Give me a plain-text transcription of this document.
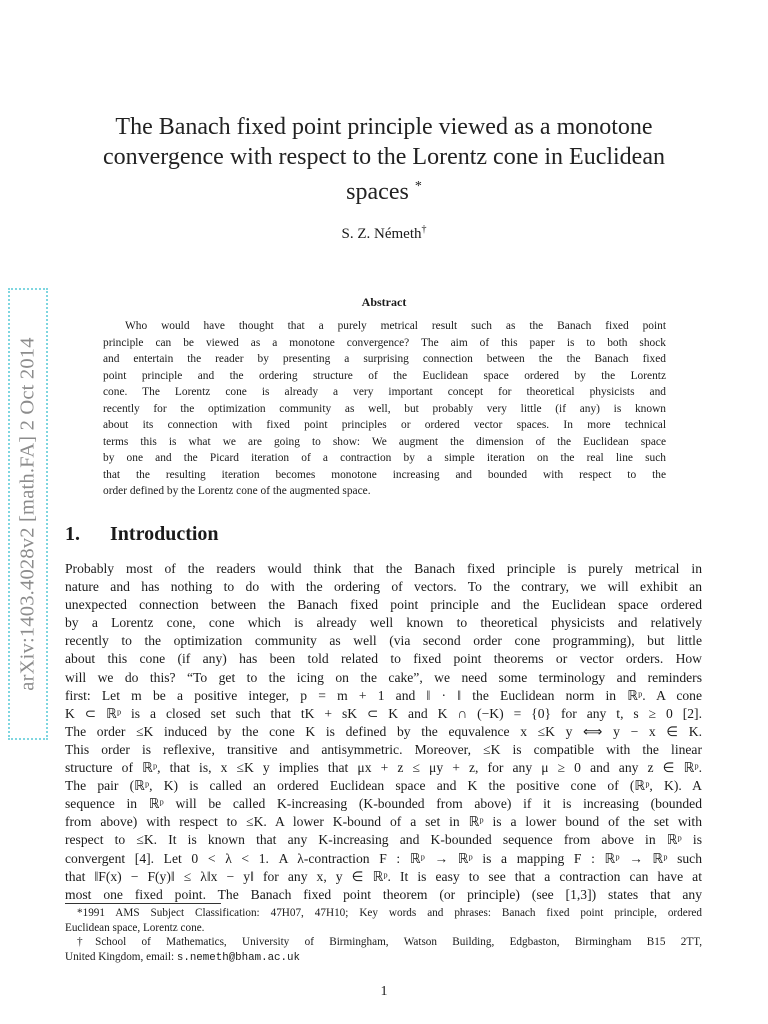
arXiv:1403.4028v2 [math.FA] 2 Oct 2014
The Banach fixed point principle viewed as a monotone
convergence with respect to the Lorentz cone in Euclidean
spaces *
S. Z. Németh†
Abstract
Who would have thought that a purely metrical result such as the Banach fixed point
principle can be viewed as a monotone convergence? The aim of this paper is to both shock
and entertain the reader by presenting a surprising connection between the the Banach fixed
point principle and the ordering structure of the Euclidean space ordered by the Lorentz
cone. The Lorentz cone is already a very important concept for theoretical physicists and
recently for the optimization community as well, but probably very little (if any) is known
about its connection with fixed point principles or ordered vector spaces. In more technical
terms this is what we are going to show: We augment the dimension of the Euclidean space
by one and the Picard iteration of a contraction by a simple iteration on the real line such
that the resulting iteration becomes monotone increasing and bounded with respect to the
order defined by the Lorentz cone of the augmented space.
1. Introduction
Probably most of the readers would think that the Banach fixed principle is purely metrical in
nature and has nothing to do with the ordering of vectors. To the contrary, we will exhibit an
unexpected connection between the Banach fixed point principle and the Euclidean space ordered
by a Lorentz cone, cone which is already well known to theoretical physicists and relatively
recently to the optimization community as well (via second order cone programming), but little
about this cone (if any) has been told related to fixed point theorems or vector orders. How
will we do this? “To get to the icing on the cake”, we need some terminology and reminders
first: Let m be a positive integer, p = m + 1 and ‖ · ‖ the Euclidean norm in ℝᵖ. A cone
K ⊂ ℝᵖ is a closed set such that tK + sK ⊂ K and K ∩ (−K) = {0} for any t, s ≥ 0 [2].
The order ≤K induced by the cone K is defined by the equvalence x ≤K y ⟺ y − x ∈ K.
This order is reflexive, transitive and antisymmetric. Moreover, ≤K is compatible with the linear
structure of ℝᵖ, that is, x ≤K y implies that μx + z ≤ μy + z, for any μ ≥ 0 and any z ∈ ℝᵖ.
The pair (ℝᵖ, K) is called an ordered Euclidean space and K the positive cone of (ℝᵖ, K). A
sequence in ℝᵖ will be called K-increasing (K-bounded from above) if it is increasing (bounded
from above) with respect to ≤K. A lower K-bound of a set in ℝᵖ is a lower bound of the set with
respect to ≤K. It is known that any K-increasing and K-bounded sequence from above in ℝᵖ is
convergent [4]. Let 0 < λ < 1. A λ-contraction F : ℝᵖ → ℝᵖ is a mapping F : ℝᵖ → ℝᵖ such
that ‖F(x) − F(y)‖ ≤ λ‖x − y‖ for any x, y ∈ ℝᵖ. It is easy to see that a contraction can have at
most one fixed point. The Banach fixed point theorem (or principle) (see [1,3]) states that any
*1991 AMS Subject Classification: 47H07, 47H10; Key words and phrases: Banach fixed point principle, ordered
Euclidean space, Lorentz cone.
†School of Mathematics, University of Birmingham, Watson Building, Edgbaston, Birmingham B15 2TT,
United Kingdom, email: s.nemeth@bham.ac.uk
1
